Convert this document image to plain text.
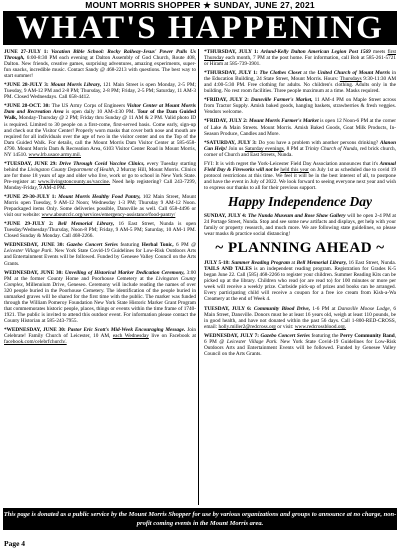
MOUNT MORRIS SHOPPER ★ SUNDAY, JUNE 27, 2021
WHAT'S HAPPENING

JUNE 27-JULY 1: Vacation Bible School: Rocky Railway-Jesus' Power Pulls Us Through, 6:00-8:30 PM each evening at Dalton Assembly of God Church, Route 408, Dalton. New friends, creative games, surprising adventures, amazing experiments, super-fun snacks, incredible music. Contact Sandy @ 468-2213 with questions. The best way to start summer!

*JUNE 28-JULY 3: Mount Morris Library, 121 Main Street is open Monday, 2-5 PM; Tuesday, 9 AM-12 PM and 2-8 PM; Thursday, 2-8 PM; Friday, 2-5 PM; Saturday, 11 AM-3 PM. Closed Wednesdays. Call 658-4412.

*JUNE 28-OCT. 30: The US Army Corps of Engineers Visitor Center at Mount Morris Dam and Recreation Area is open daily 10 AM-4:30 PM. Tour of the Dam Guided Walk, Monday-Thursday @ 2 PM; Friday thru Sunday @ 11 AM & 2 PM. Valid photo ID is required. Limited to 30 people on a first-come, first-served basis. Come early, sign-up and check out the Visitor Center! Properly worn masks that cover both nose and mouth are required for all individuals over the age of two in the visitor center and on the Top of the Dam Guided Walk. For details, call the Mount Morris Dam Visitor Center at 585-658-4790. Mount Morris Dam & Recreation Area, 6103 Visitor Center Road in Mount Morris, NY 14510. www.lrb.usace.army.mil.

*TUESDAY, JUNE 29: Drive Through Covid Vaccine Clinics, every Tuesday starting behind the Livingston County Department of Health, 2 Murray Hill, Mount Morris. Clinics are for those 18 years of age and older who live, work or go to school in New York State. Pre-register at: www.livingstoncounty.us/vaccine. Need help registering? Call 243-7299, Monday-Friday, 9 AM-4 PM.

*JUNE 29-30-JULY 1: Mount Morris Healthy Food Pantry, 102 Main Street, Mount Morris open Tuesday, 9 AM-12 Noon; Wednesday 1-3 PM; Thursday 9 AM-12 Noon. Prepackaged items Only. Some deliveries possible, Dansville as well. Call 658-4496 or visit our website: www.aboutcclc.org/services/emergency-assistance/food-pantry/

*JUNE 29-JULY 2: Bell Memorial Library, 16 East Street, Nunda is open Tuesday/Wednesday/Thursday, Noon-8 PM; Friday, 9 AM-5 PM; Saturday, 10 AM-1 PM. Closed Sunday & Monday. Call 468-2266.

WEDNESDAY, JUNE 30: Gazebo Concert Series featuring Herbal Tonic, 6 PM @ Leicester Village Park. New York State Covid-19 Guidelines for Low-Risk Outdoors Arts and Entertainment Events will be followed. Funded by Genesee Valley Council on the Arts Grants.

WEDNESDAY, JUNE 30: Unveiling of Historical Marker Dedication Ceremony, 3:00 PM at the former County Home and Poorhouse Cemetery at the Livingston County Complex, Millennium Drive, Geneseo. Ceremony will include reading the names of over 320 people buried in the Poorhouse Cemetery. The identification of the people buried in unmarked graves will be shared for the first time with the public. The marker was funded through the William Pomeroy Foundation New York State Historic Marker Grant Program that commemorates historic people, places, things or events within the time frame of 1740-1921. The public is invited to attend this outdoor event. For information please contact the County Historian at 585-243-7955.

*WEDNESDAY, JUNE 30: Pastor Eric Scott's Mid-Week Encouraging Message. Join Celebrate! Family Church of Leicester, 10 AM, each Wednesday live on Facebook at facebook.com/celebrfchurch/.

*THURSDAY, JULY 1: Arland-Kelly Dalton American Legion Post 1569 meets first Thursday each month, 7 PM at the post home. For information, call Bob at 585-261-5721 or Hiram at 585-739-3901.

*THURSDAY, JULY 1: The Clothes Closet at the United Church of Mount Morris in the Education Building, 24 State Street, Mount Morris. Hours: Thursdays 9:30-11:30 AM and 4:00-5:30 PM. Free clothing for adults. No children's clothing. Adults only in the building. No rest room facilities. Three people maximum at a time. Masks required.

*FRIDAY, JULY 2: Dansville Farmer's Market, 11 AM-4 PM on Maple Street across from Tractor Supply. Amish baked goods, hanging baskets, strawberries & fresh veggies. Vendors welcome.

*FRIDAY, JULY 2: Mount Morris Farmer's Market is open 12 Noon-6 PM at the corner of Lake & Main Streets. Mount Morris. Amish Baked Goods, Goat Milk Products, In-Season Produce, Candles and More.

*SATURDAY, JULY 3: Do you have a problem with another persons drinking? Alanon Can Help! Join us Saturday evenings, 8 PM at Trinity Church of Nunda, red brick church, corner of Church and East Streets, Nunda.

FYI: It is with regret the York-Leicester Field Day Association announces that it's Annual Field Day & Fireworks will not be held this year on July 1st as scheduled due to covid 19 protocol restrictions at this time. We feel it will be in the best interest of all, to postpone and have the event in July of 2022. We look forward to seeing everyone next year and wish to express our thanks to all for their previous support.

Happy Independence Day

SUNDAY, JULY 4: The Nunda Museum and Rose Shaw Gallery will be open 2-4 PM at 24 Portage Street, Nunda. Stop and see some new artifacts and displays, get help with your family or property research, and much more. We are following state guidelines, so please wear masks & practice social distancing!

~ PLANNING AHEAD ~

JULY 5-18: Summer Reading Program at Bell Memorial Library, 16 East Street, Nunda. TAILS AND TALES is an independent reading program. Registration for Grades K-5 began June 22. Call (585) 468-2266 to register your children. Summer Reading Kits can be picked up at the library. Children who read (or are read to) for 100 minutes or more per week will receive a weekly prize. Curbside pick-up of prizes and books can be arranged. Every participating child will receive a coupon for a free ice cream from Kish-a-Wa Creamery at the end of Week 4.

TUESDAY, JULY 6: Community Blood Drive, 1-6 PM at Dansville Moose Lodge, 6 Main Street, Dansville. Donors must be at least 16 years old, weigh at least 110 pounds, be in good health, and have not donated within the past 56 days. Call 1-800-RED-CROSS, email: holly.miller2@redcross.org or visit: www.redcrossblood.org.

WEDNESDAY, JULY 7: Gazebo Concert Series featuring the Perry Community Band, 6 PM @ Leicester Village Park. New York State Covid-19 Guidelines for Low-Risk Outdoors Arts and Entertainment Events will be followed. Funded by Genesee Valley Council on the Arts Grants.

This page is donated as a public service by the Mount Morris Shopper for use by various organizations and groups to announce at no charge, non-profit coming events in the Mount Morris area.
Page 4
